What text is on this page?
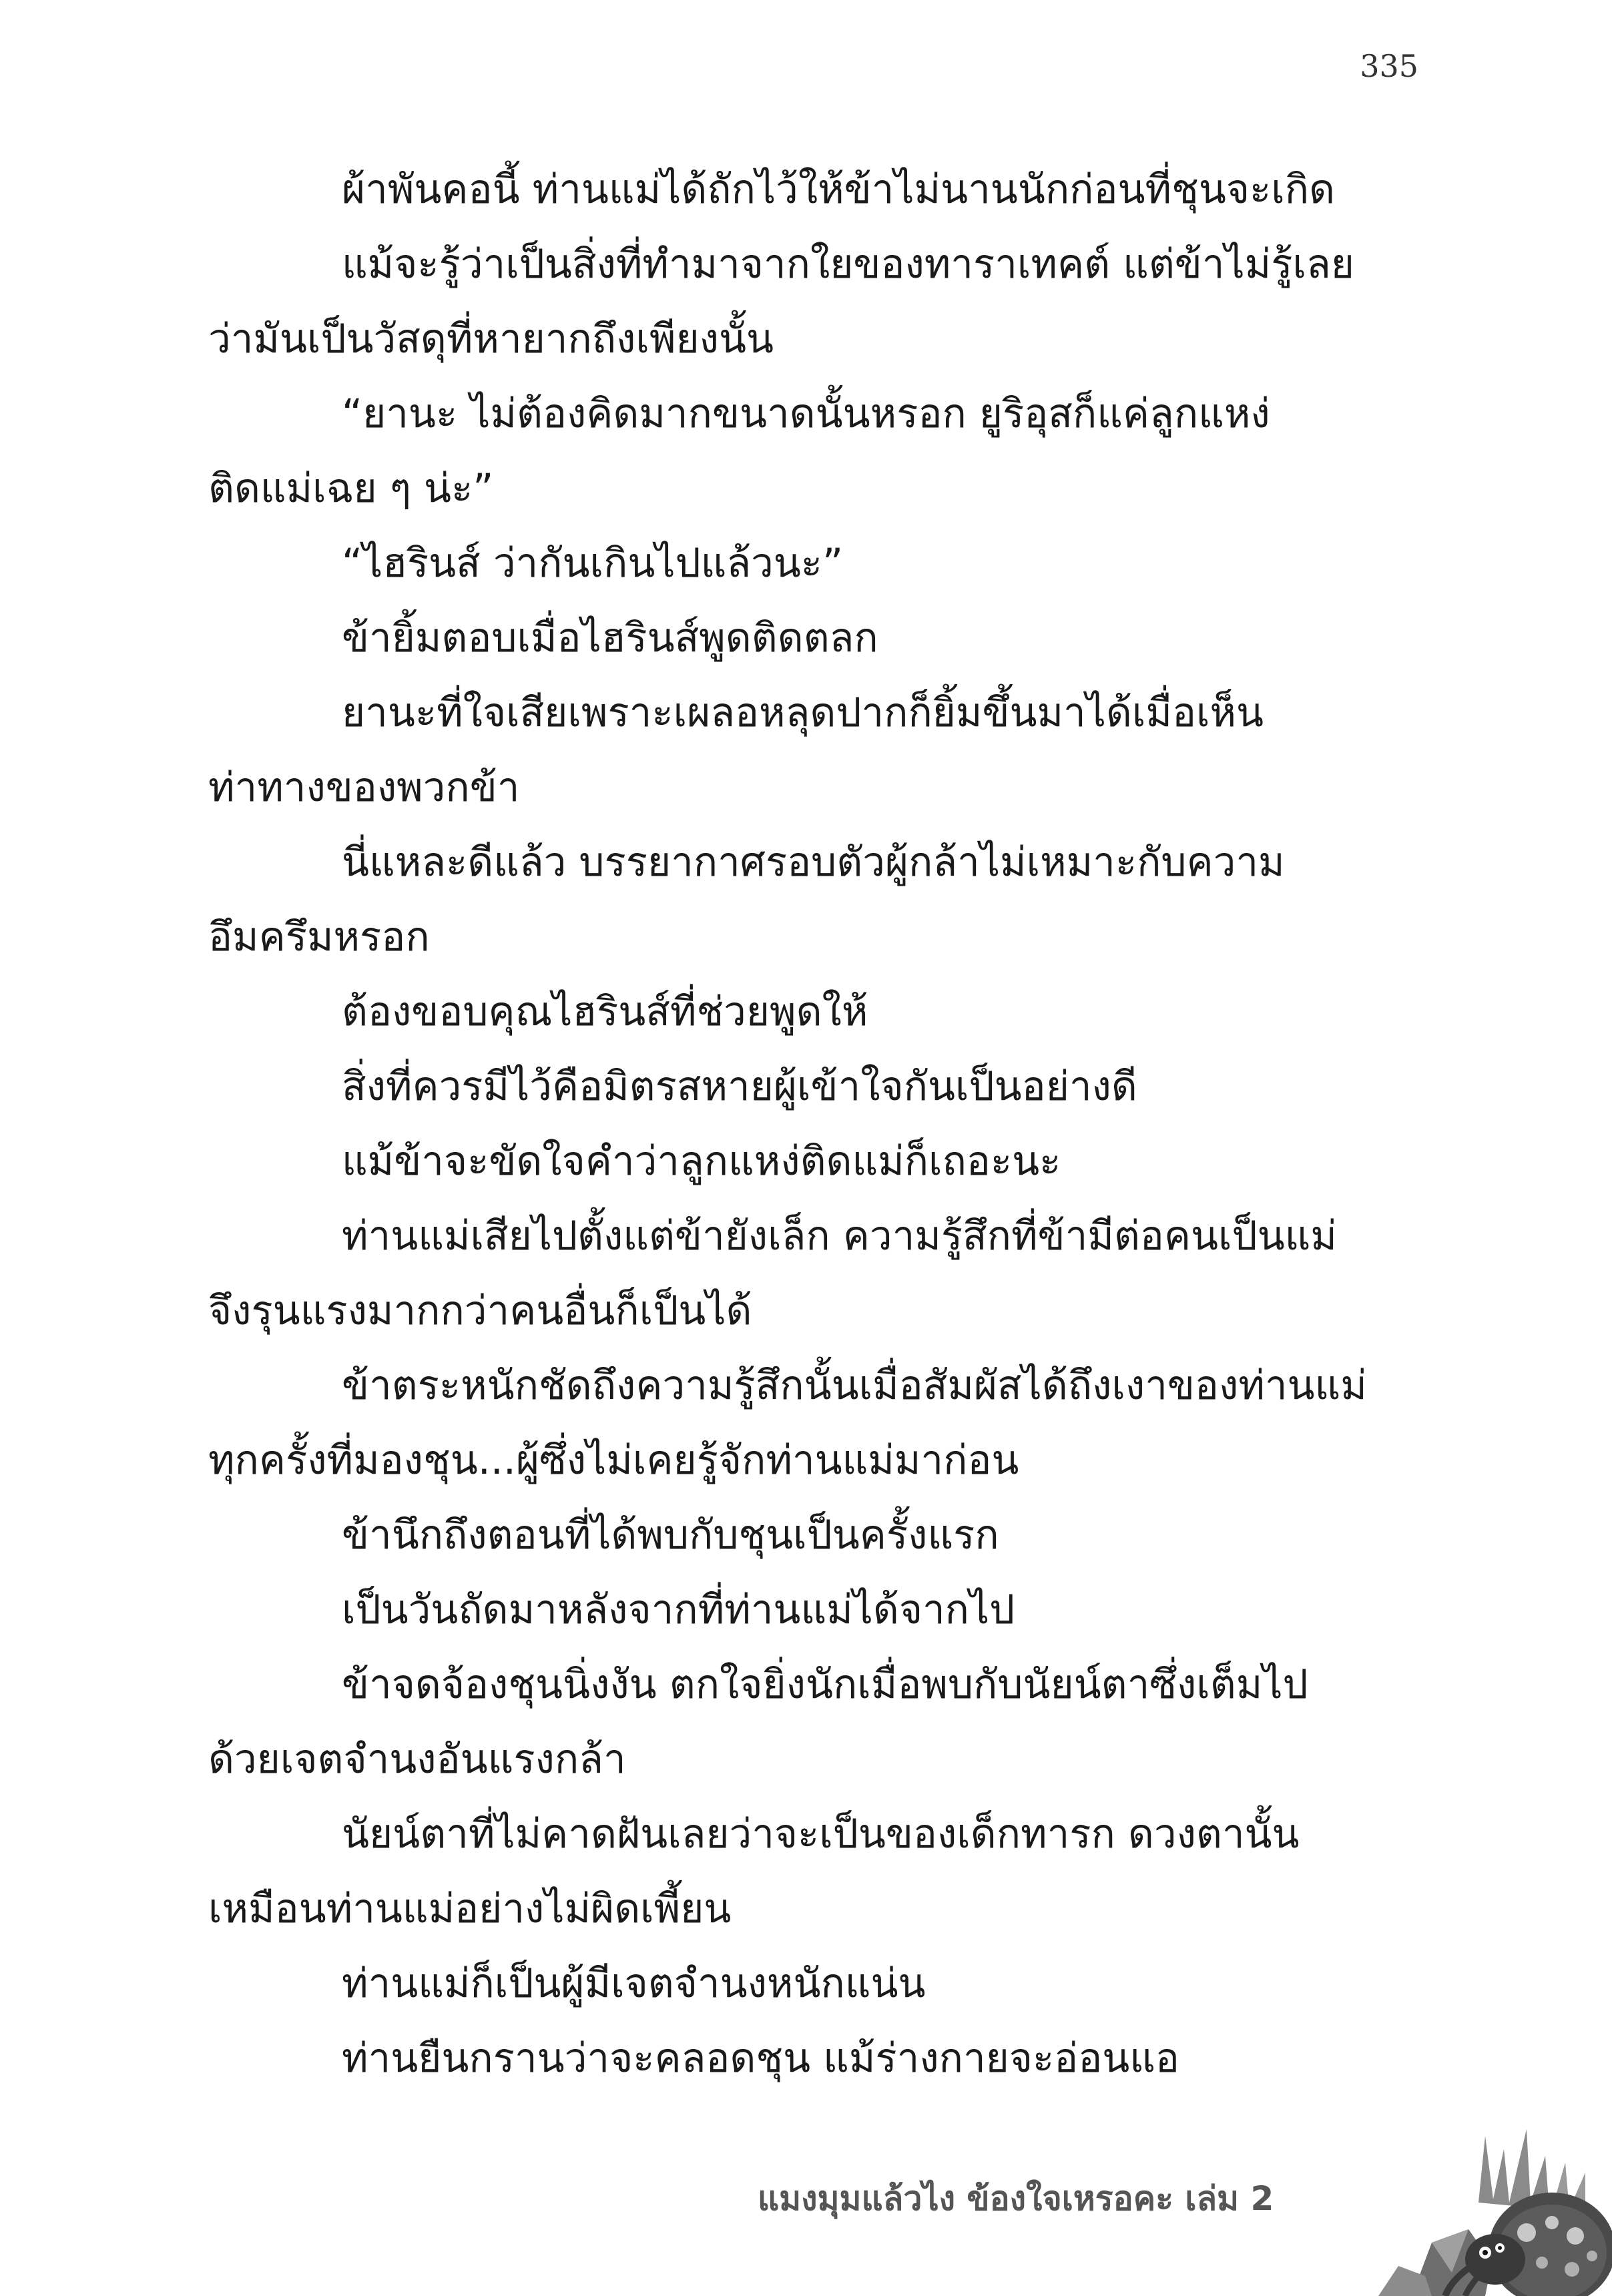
335
ผ้าพันคอนี้ ท่านแม่ได้ถักไว้ให้ข้าไม่นานนักก่อนที่ชุนจะเกิด
แม้จะรู้ว่าเป็นสิ่งที่ทำมาจากใยของทาราเทคต์ แต่ข้าไม่รู้เลย
ว่ามันเป็นวัสดุที่หายากถึงเพียงนั้น
“ยานะ ไม่ต้องคิดมากขนาดนั้นหรอก ยูริอุสก็แค่ลูกแหง่
ติดแม่เฉย ๆ น่ะ”
“ไฮรินส์ ว่ากันเกินไปแล้วนะ”
ข้ายิ้มตอบเมื่อไฮรินส์พูดติดตลก
ยานะที่ใจเสียเพราะเผลอหลุดปากก็ยิ้มขึ้นมาได้เมื่อเห็น
ท่าทางของพวกข้า
นี่แหละดีแล้ว บรรยากาศรอบตัวผู้กล้าไม่เหมาะกับความ
อึมครึมหรอก
ต้องขอบคุณไฮรินส์ที่ช่วยพูดให้
สิ่งที่ควรมีไว้คือมิตรสหายผู้เข้าใจกันเป็นอย่างดี
แม้ข้าจะขัดใจคำว่าลูกแหง่ติดแม่ก็เถอะนะ
ท่านแม่เสียไปตั้งแต่ข้ายังเล็ก ความรู้สึกที่ข้ามีต่อคนเป็นแม่
จึงรุนแรงมากกว่าคนอื่นก็เป็นได้
ข้าตระหนักชัดถึงความรู้สึกนั้นเมื่อสัมผัสได้ถึงเงาของท่านแม่
ทุกครั้งที่มองชุน...ผู้ซึ่งไม่เคยรู้จักท่านแม่มาก่อน
ข้านึกถึงตอนที่ได้พบกับชุนเป็นครั้งแรก
เป็นวันถัดมาหลังจากที่ท่านแม่ได้จากไป
ข้าจดจ้องชุนนิ่งงัน ตกใจยิ่งนักเมื่อพบกับนัยน์ตาซึ่งเต็มไป
ด้วยเจตจำนงอันแรงกล้า
นัยน์ตาที่ไม่คาดฝันเลยว่าจะเป็นของเด็กทารก ดวงตานั้น
เหมือนท่านแม่อย่างไม่ผิดเพี้ยน
ท่านแม่ก็เป็นผู้มีเจตจำนงหนักแน่น
ท่านยืนกรานว่าจะคลอดชุน แม้ร่างกายจะอ่อนแอ
แมงมุมแล้วไง ข้องใจเหรอคะ เล่ม 2
